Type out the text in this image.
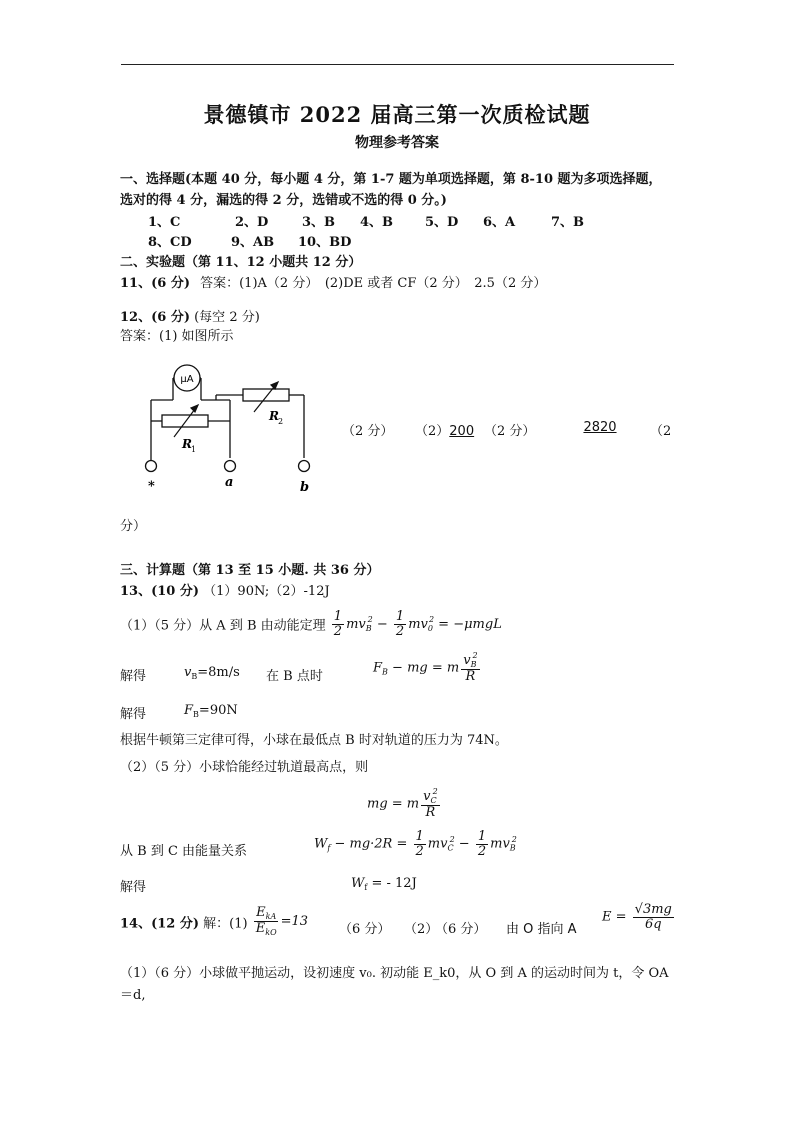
景德镇市 2022 届高三第一次质检试题
物理参考答案
一、选择题(本题 40 分，每小题 4 分，第 1-7 题为单项选择题，第 8-10 题为多项选择题，
选对的得 4 分，漏选的得 2 分，选错或不选的得 0 分。)
1、C	2、D	3、B 4、B 5、D 6、A	7、B
8、CD	9、AB 10、BD
二、实验题（第 11、12 小题共 12 分）
11、(6 分) 答案：(1)A（2 分）　(2)DE 或者 CF（2 分）　2.5（2 分）
12、(6 分) (每空 2 分)
答案：(1) 如图所示
μA
R 1
R 2
*	a	b
（2 分） （2）200 （2 分）	2820	（2
分）
三、计算题（第 13 至 15 小题. 共 36 分）
13、(10 分) （1）90N;（2）-12J
（1）（5 分）从 A 到 B 由动能定理 $\frac{1}{2} mv_B^2 - \frac{1}{2} mv_0^2 = -\mu mgL$
解得	$v_B=8m/s$ 在 B 点时
$F_B$ − mg = m $\frac{v_B^2}{R}$
解得	$F_B=90N$
根据牛顿第三定律可得，小球在最低点 B 时对轨道的压力为 74N。
（2）（5 分）小球恰能经过轨道最高点，则
mg = m $\frac{v_C^2}{R}$
从 B 到 C 由能量关系	$W_f - mg\cdot 2R = \frac{1}{2} mv_C^2 - \frac{1}{2} mv_B^2$
解得	$W_f$ = - 12J
14、(12 分) 解：$(1) \frac{E_{kA}}{E_{kO}} =13$
（6 分） （2）
（6 分） 由 O 指向 A
$E = \frac{√3mg}{6q}$
（1）（6 分）小球做平抛运动，设初速度 v₀. 初动能 E_k0，从 O 到 A 的运动时间为 t，令 OA
＝d,
